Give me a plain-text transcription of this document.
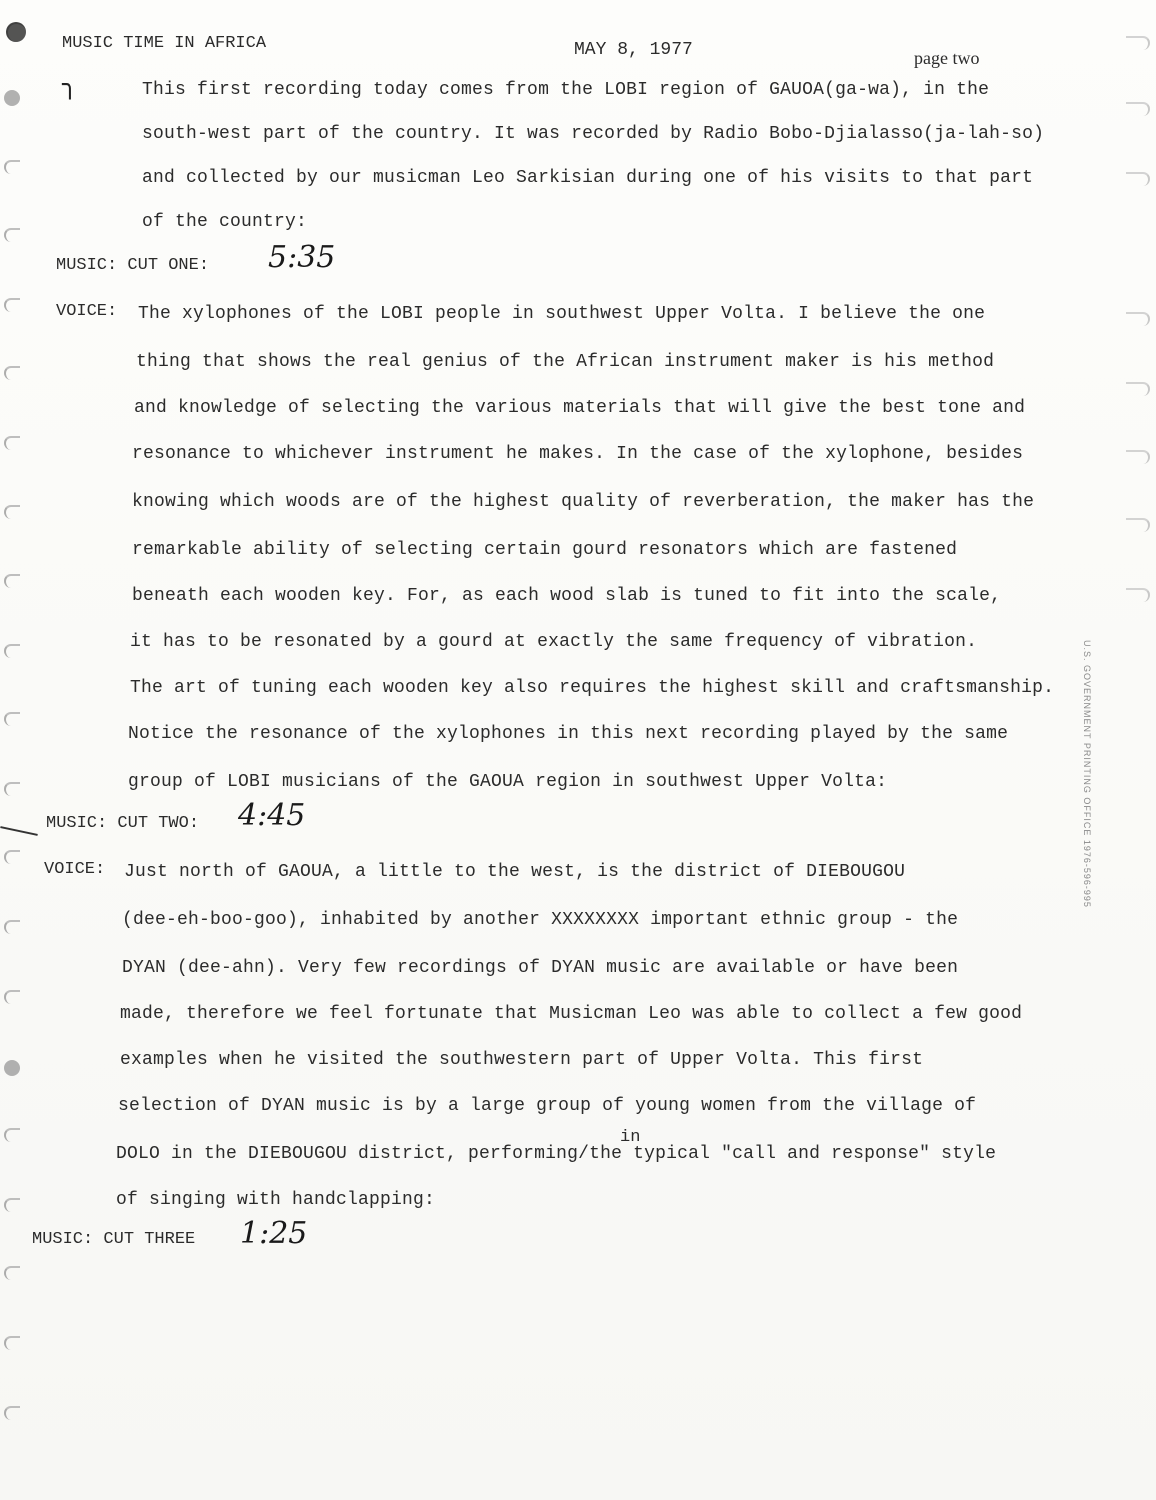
╮
MUSIC TIME IN AFRICA	MAY 8, 1977	page two
This first recording today comes from the LOBI region of GAUOA(ga-wa), in the
south-west part of the country. It was recorded by Radio Bobo-Djialasso(ja-lah-so)
and collected by our musicman Leo Sarkisian during one of his visits to that part
of the country:
MUSIC: CUT ONE: 5:35
VOICE: The xylophones of the LOBI people in southwest Upper Volta. I believe the one
thing that shows the real genius of the African instrument maker is his method
and knowledge of selecting the various materials that will give the best tone and
resonance to whichever instrument he makes. In the case of the xylophone, besides
knowing which woods are of the highest quality of reverberation, the maker has the
remarkable ability of selecting certain gourd resonators which are fastened
beneath each wooden key. For, as each wood slab is tuned to fit into the scale,
it has to be resonated by a gourd at exactly the same frequency of vibration.
The art of tuning each wooden key also requires the highest skill and craftsmanship.
Notice the resonance of the xylophones in this next recording played by the same
group of LOBI musicians of the GAOUA region in southwest Upper Volta:
MUSIC: CUT TWO: 4:45
VOICE: Just north of GAOUA, a little to the west, is the district of DIEBOUGOU
(dee-eh-boo-goo), inhabited by another XXXXXXXX important ethnic group - the
DYAN (dee-ahn). Very few recordings of DYAN music are available or have been
made, therefore we feel fortunate that Musicman Leo was able to collect a few good
examples when he visited the southwestern part of Upper Volta. This first
selection of DYAN music is by a large group of young women from the village of
in
DOLO in the DIEBOUGOU district, performing/the typical "call and response" style
of singing with handclapping:
MUSIC: CUT THREE 1:25
U.S. GOVERNMENT PRINTING OFFICE 1976-596-995
